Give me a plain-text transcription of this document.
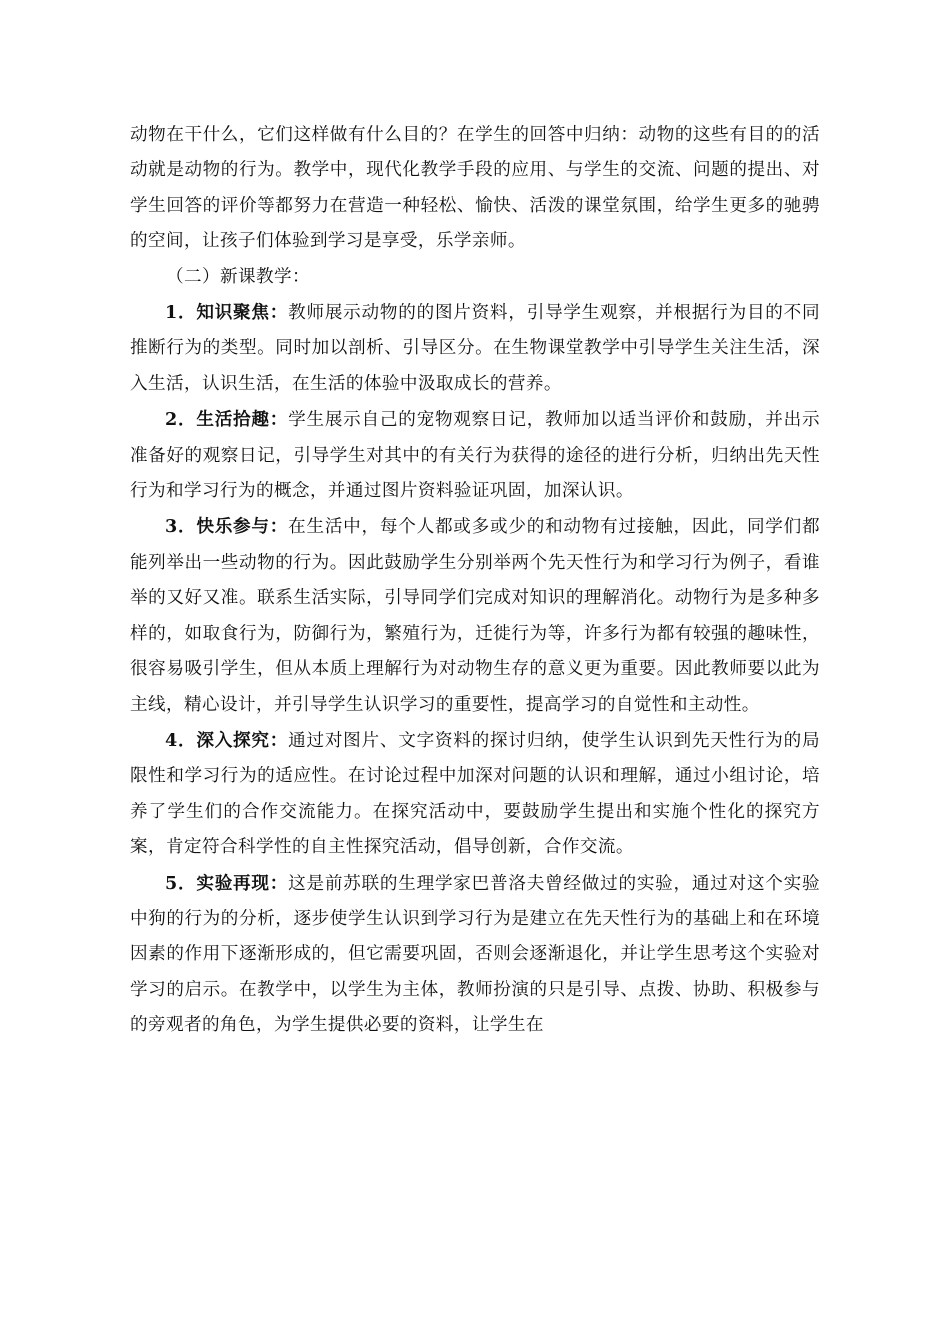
动物在干什么，它们这样做有什么目的？在学生的回答中归纳：动物的这些有目的的活动就是动物的行为。教学中，现代化教学手段的应用、与学生的交流、问题的提出、对学生回答的评价等都努力在营造一种轻松、愉快、活泼的课堂氛围，给学生更多的驰骋的空间，让孩子们体验到学习是享受，乐学亲师。

（二）新课教学：

1．知识聚焦：教师展示动物的的图片资料，引导学生观察，并根据行为目的不同推断行为的类型。同时加以剖析、引导区分。在生物课堂教学中引导学生关注生活，深入生活，认识生活，在生活的体验中汲取成长的营养。

2．生活拾趣：学生展示自己的宠物观察日记，教师加以适当评价和鼓励，并出示准备好的观察日记，引导学生对其中的有关行为获得的途径的进行分析，归纳出先天性行为和学习行为的概念，并通过图片资料验证巩固，加深认识。

3．快乐参与：在生活中，每个人都或多或少的和动物有过接触，因此，同学们都能列举出一些动物的行为。因此鼓励学生分别举两个先天性行为和学习行为例子，看谁举的又好又准。联系生活实际，引导同学们完成对知识的理解消化。动物行为是多种多样的，如取食行为，防御行为，繁殖行为，迁徙行为等，许多行为都有较强的趣味性，很容易吸引学生，但从本质上理解行为对动物生存的意义更为重要。因此教师要以此为主线，精心设计，并引导学生认识学习的重要性，提高学习的自觉性和主动性。

4．深入探究：通过对图片、文字资料的探讨归纳，使学生认识到先天性行为的局限性和学习行为的适应性。在讨论过程中加深对问题的认识和理解，通过小组讨论，培养了学生们的合作交流能力。在探究活动中，要鼓励学生提出和实施个性化的探究方案，肯定符合科学性的自主性探究活动，倡导创新，合作交流。

5．实验再现：这是前苏联的生理学家巴普洛夫曾经做过的实验，通过对这个实验中狗的行为的分析，逐步使学生认识到学习行为是建立在先天性行为的基础上和在环境因素的作用下逐渐形成的，但它需要巩固，否则会逐渐退化，并让学生思考这个实验对学习的启示。在教学中，以学生为主体，教师扮演的只是引导、点拨、协助、积极参与的旁观者的角色，为学生提供必要的资料，让学生在
